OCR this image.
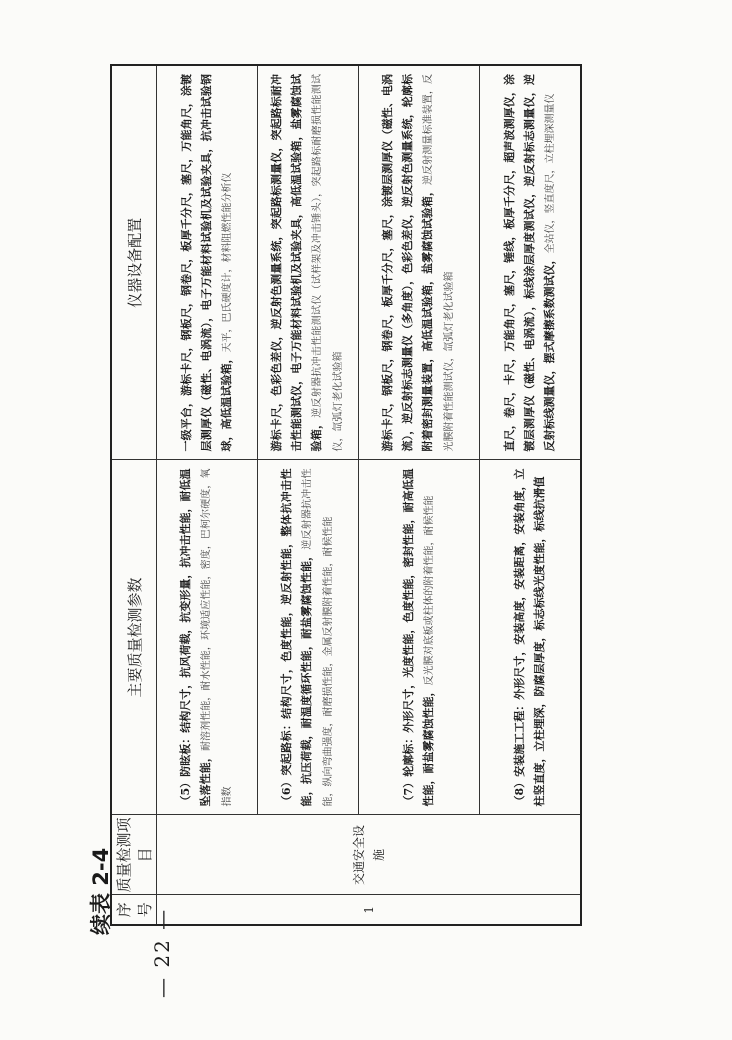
— 22 —
续表 2-4 序号	质量检测项目	主要质量检测参数	仪器设备配置
1	交通安全设施	（5）防眩板：结构尺寸，抗风荷载，抗变形量，抗冲击性能，耐低温坠落性能，耐溶剂性能，耐水性能，环境适应性能，密度，巴柯尔硬度，氧指数	一级平台，游标卡尺，钢板尺，钢卷尺，板厚千分尺，塞尺，万能角尺，涂镀层测厚仪（磁性、电涡流），电子万能材料试验机及试验夹具，抗冲击试验钢球，高低温试验箱，天平，巴氏硬度计，材料阻燃性能分析仪
		（6）突起路标：结构尺寸，色度性能，逆反射性能，整体抗冲击性能，抗压荷载，耐温度循环性能，耐盐雾腐蚀性能，逆反射器抗冲击性能，纵向弯曲强度，耐磨损性能，金属反射膜附着性能，耐候性能	游标卡尺，色彩色差仪，逆反射色测量系统，突起路标测量仪，突起路标耐冲击性能测试仪，电子万能材料试验机及试验夹具，高低温试验箱，盐雾腐蚀试验箱，逆反射器抗冲击性能测试仪（试样架及冲击锤头），突起路标耐磨损性能测试仪，氙弧灯老化试验箱
		（7）轮廓标：外形尺寸，光度性能，色度性能，密封性能，耐高低温性能，耐盐雾腐蚀性能，反光膜对底板或柱体的附着性能，耐候性能	游标卡尺，钢板尺，钢卷尺，板厚千分尺，塞尺，涂镀层测厚仪（磁性、电涡流），逆反射标志测量仪（多角度），色彩色差仪，逆反射色测量系统，轮廓标附着密封测量装置，高低温试验箱，盐雾腐蚀试验箱，逆反射测量标准装置，反光膜附着性能测试仪，氙弧灯老化试验箱
		（8）安装施工工程：外形尺寸，安装高度，安装距离，安装角度，立柱竖直度，立柱埋深，防腐层厚度，标志标线光度性能，标线抗滑值	直尺，卷尺，卡尺，万能角尺，塞尺，锤线，板厚千分尺，超声波测厚仪，涂镀层测厚仪（磁性、电涡流），标线涂层厚度测试仪，逆反射标志测量仪，逆反射标线测量仪，摆式摩擦系数测试仪，全站仪，竖直度尺，立柱埋深测量仪
